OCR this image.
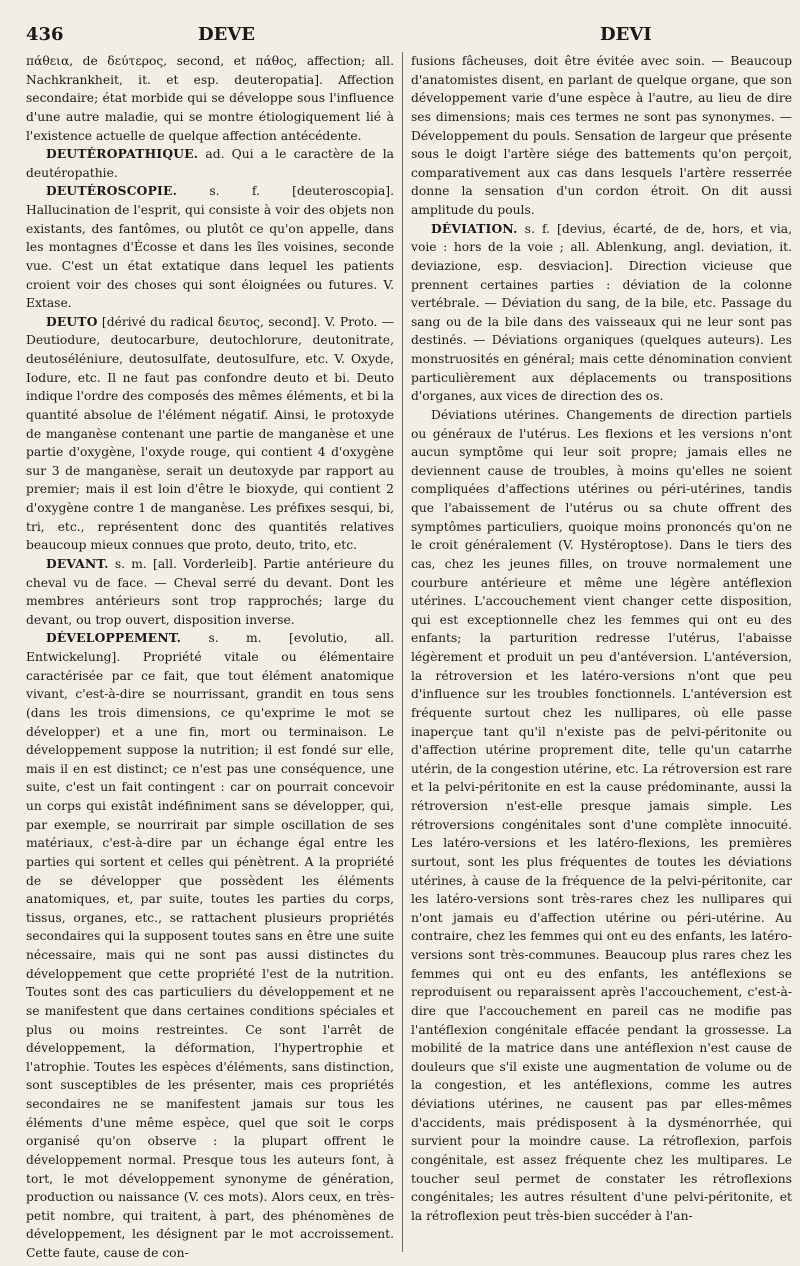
436	DEVE	DEVI

πάθεια, de δεύτερος, second, et πάθος, affection; all. Nachkrankheit, it. et esp. deuteropatia]. Affection secondaire; état morbide qui se développe sous l'influence d'une autre maladie, qui se montre étiologiquement lié à l'existence actuelle de quelque affection antécédente.

DEUTÉROPATHIQUE. ad. Qui a le caractère de la deutéropathie.

DEUTÉROSCOPIE. s. f. [deuteroscopia]. Hallucination de l'esprit, qui consiste à voir des objets non existants, des fantômes, ou plutôt ce qu'on appelle, dans les montagnes d'Écosse et dans les îles voisines, seconde vue. C'est un état extatique dans lequel les patients croient voir des choses qui sont éloignées ou futures. V. Extase.

DEUTO [dérivé du radical δευτος, second]. V. Proto. — Deutiodure, deutocarbure, deutochlorure, deutonitrate, deutoséléniure, deutosulfate, deutosulfure, etc. V. Oxyde, Iodure, etc. Il ne faut pas confondre deuto et bi. Deuto indique l'ordre des composés des mêmes éléments, et bi la quantité absolue de l'élément négatif. Ainsi, le protoxyde de manganèse contenant une partie de manganèse et une partie d'oxygène, l'oxyde rouge, qui contient 4 d'oxygène sur 3 de manganèse, serait un deutoxyde par rapport au premier; mais il est loin d'être le bioxyde, qui contient 2 d'oxygène contre 1 de manganèse. Les préfixes sesqui, bi, tri, etc., représentent donc des quantités relatives beaucoup mieux connues que proto, deuto, trito, etc.

DEVANT. s. m. [all. Vorderleib]. Partie antérieure du cheval vu de face. — Cheval serré du devant. Dont les membres antérieurs sont trop rapprochés; large du devant, ou trop ouvert, disposition inverse.

DÉVELOPPEMENT. s. m. [evolutio, all. Entwickelung]. Propriété vitale ou élémentaire caractérisée par ce fait, que tout élément anatomique vivant, c'est-à-dire se nourrissant, grandit en tous sens (dans les trois dimensions, ce qu'exprime le mot se développer) et a une fin, mort ou terminaison. Le développement suppose la nutrition; il est fondé sur elle, mais il en est distinct; ce n'est pas une conséquence, une suite, c'est un fait contingent : car on pourrait concevoir un corps qui existât indéfiniment sans se développer, qui, par exemple, se nourrirait par simple oscillation de ses matériaux, c'est-à-dire par un échange égal entre les parties qui sortent et celles qui pénètrent. A la propriété de se développer que possèdent les éléments anatomiques, et, par suite, toutes les parties du corps, tissus, organes, etc., se rattachent plusieurs propriétés secondaires qui la supposent toutes sans en être une suite nécessaire, mais qui ne sont pas aussi distinctes du développement que cette propriété l'est de la nutrition. Toutes sont des cas particuliers du développement et ne se manifestent que dans certaines conditions spéciales et plus ou moins restreintes. Ce sont l'arrêt de développement, la déformation, l'hypertrophie et l'atrophie. Toutes les espèces d'éléments, sans distinction, sont susceptibles de les présenter, mais ces propriétés secondaires ne se manifestent jamais sur tous les éléments d'une même espèce, quel que soit le corps organisé qu'on observe : la plupart offrent le développement normal. Presque tous les auteurs font, à tort, le mot développement synonyme de génération, production ou naissance (V. ces mots). Alors ceux, en très-petit nombre, qui traitent, à part, des phénomènes de développement, les désignent par le mot accroissement. Cette faute, cause de con-

fusions fâcheuses, doit être évitée avec soin. — Beaucoup d'anatomistes disent, en parlant de quelque organe, que son développement varie d'une espèce à l'autre, au lieu de dire ses dimensions; mais ces termes ne sont pas synonymes. — Développement du pouls. Sensation de largeur que présente sous le doigt l'artère siége des battements qu'on perçoit, comparativement aux cas dans lesquels l'artère resserrée donne la sensation d'un cordon étroit. On dit aussi amplitude du pouls.

DÉVIATION. s. f. [devius, écarté, de de, hors, et via, voie : hors de la voie ; all. Ablenkung, angl. deviation, it. deviazione, esp. desviacion]. Direction vicieuse que prennent certaines parties : déviation de la colonne vertébrale. — Déviation du sang, de la bile, etc. Passage du sang ou de la bile dans des vaisseaux qui ne leur sont pas destinés. — Déviations organiques (quelques auteurs). Les monstruosités en général; mais cette dénomination convient particulièrement aux déplacements ou transpositions d'organes, aux vices de direction des os.

Déviations utérines. Changements de direction partiels ou généraux de l'utérus. Les flexions et les versions n'ont aucun symptôme qui leur soit propre; jamais elles ne deviennent cause de troubles, à moins qu'elles ne soient compliquées d'affections utérines ou péri-utérines, tandis que l'abaissement de l'utérus ou sa chute offrent des symptômes particuliers, quoique moins prononcés qu'on ne le croit généralement (V. Hystéroptose). Dans le tiers des cas, chez les jeunes filles, on trouve normalement une courbure antérieure et même une légère antéflexion utérines. L'accouchement vient changer cette disposition, qui est exceptionnelle chez les femmes qui ont eu des enfants; la parturition redresse l'utérus, l'abaisse légèrement et produit un peu d'antéversion. L'antéversion, la rétroversion et les latéro-versions n'ont que peu d'influence sur les troubles fonctionnels. L'antéversion est fréquente surtout chez les nullipares, où elle passe inaperçue tant qu'il n'existe pas de pelvi-péritonite ou d'affection utérine proprement dite, telle qu'un catarrhe utérin, de la congestion utérine, etc. La rétroversion est rare et la pelvi-péritonite en est la cause prédominante, aussi la rétroversion n'est-elle presque jamais simple. Les rétroversions congénitales sont d'une complète innocuité. Les latéro-versions et les latéro-flexions, les premières surtout, sont les plus fréquentes de toutes les déviations utérines, à cause de la fréquence de la pelvi-péritonite, car les latéro-versions sont très-rares chez les nullipares qui n'ont jamais eu d'affection utérine ou péri-utérine. Au contraire, chez les femmes qui ont eu des enfants, les latéro-versions sont très-communes. Beaucoup plus rares chez les femmes qui ont eu des enfants, les antéflexions se reproduisent ou reparaissent après l'accouchement, c'est-à-dire que l'accouchement en pareil cas ne modifie pas l'antéflexion congénitale effacée pendant la grossesse. La mobilité de la matrice dans une antéflexion n'est cause de douleurs que s'il existe une augmentation de volume ou de la congestion, et les antéflexions, comme les autres déviations utérines, ne causent pas par elles-mêmes d'accidents, mais prédisposent à la dysménorrhée, qui survient pour la moindre cause. La rétroflexion, parfois congénitale, est assez fréquente chez les multipares. Le toucher seul permet de constater les rétroflexions congénitales; les autres résultent d'une pelvi-péritonite, et la rétroflexion peut très-bien succéder à l'an-
